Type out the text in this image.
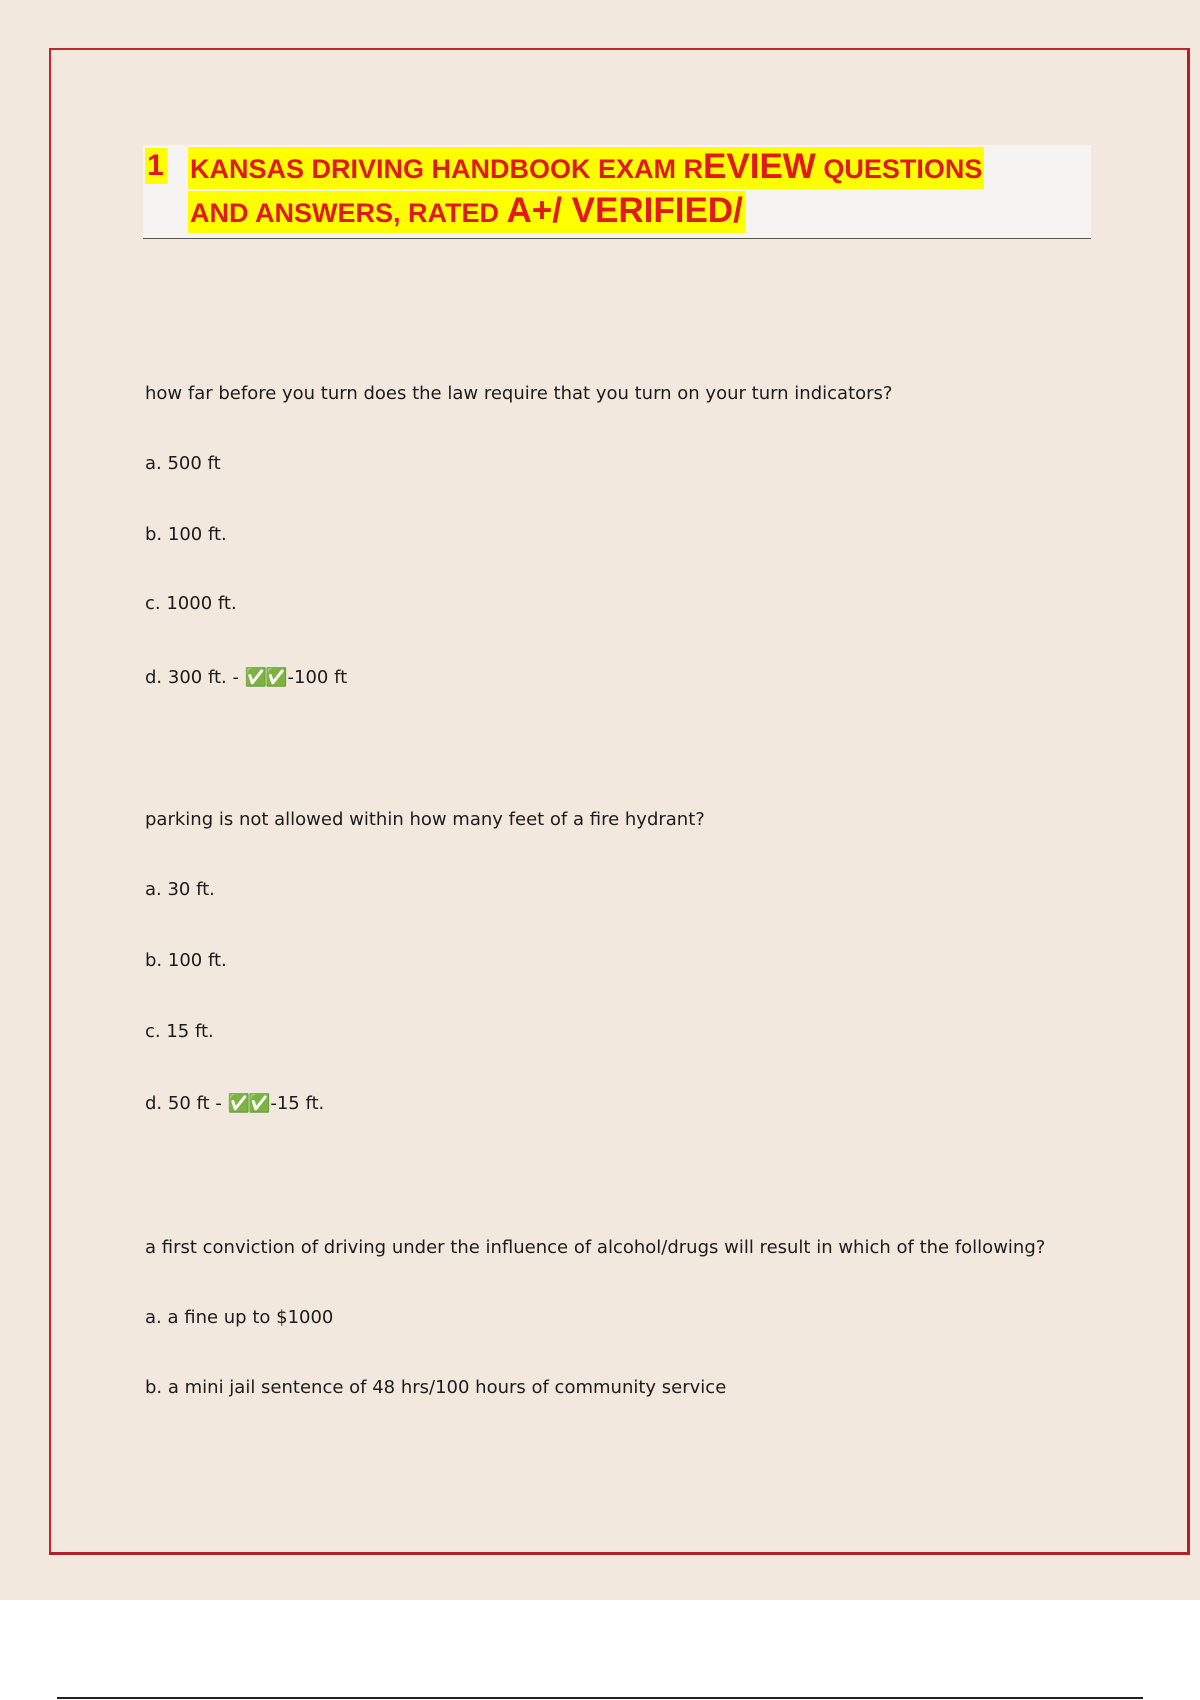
1 KANSAS DRIVING HANDBOOK EXAM REVIEW QUESTIONS
AND ANSWERS, RATED A+/ VERIFIED/
how far before you turn does the law require that you turn on your turn indicators?
a. 500 ft
b. 100 ft.
c. 1000 ft.
d. 300 ft. - ✅✅ -100 ft
parking is not allowed within how many feet of a fire hydrant?
a. 30 ft.
b. 100 ft.
c. 15 ft.
d. 50 ft - ✅✅ -15 ft.
a first conviction of driving under the influence of alcohol/drugs will result in which of the following?
a. a fine up to $1000
b. a mini jail sentence of 48 hrs/100 hours of community service
